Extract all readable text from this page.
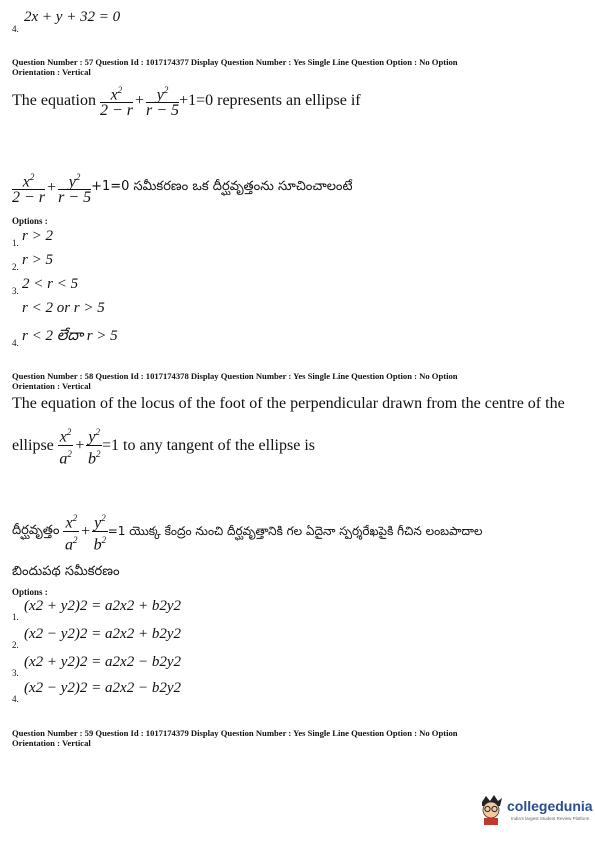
4.
2x + y + 32 = 0
Question Number : 57 Question Id : 1017174377 Display Question Number : Yes Single Line Question Option : No Option
Orientation : Vertical
The equation $\frac{x^2}{2 - r} + \frac{y^2}{r - 5} +1=0$ represents an ellipse if
$\frac{x^2}{2 - r} + \frac{y^2}{r - 5} +1=0$ సమీకరణం ఒక దీర్ఘవృత్తంను సూచించాలంటే
Options :
1. r > 2
2. r > 5
3. 2 < r < 5
r < 2 or r > 5
4. r < 2 లేదా r > 5
Question Number : 58 Question Id : 1017174378 Display Question Number : Yes Single Line Question Option : No Option
Orientation : Vertical
The equation of the locus of the foot of the perpendicular drawn from the centre of the
ellipse $\frac{x^2}{a^2} + \frac{y^2}{b^2} =1$ to any tangent of the ellipse is
దీర్ఘవృత్తం $\frac{x^2}{a^2} + \frac{y^2}{b^2} =1$ యొక్క కేంద్రం నుంచి దీర్ఘవృత్తానికి గల ఏదైనా స్పర్శరేఖపైకి గీచిన లంబపాదాల
బిందుపథ సమీకరణం
Options :
1.
(x2 + y2)2 = a2x2 + b2y2
2.
(x2 − y2)2 = a2x2 + b2y2
3.
(x2 + y2)2 = a2x2 − b2y2
4.
(x2 − y2)2 = a2x2 − b2y2
Question Number : 59 Question Id : 1017174379 Display Question Number : Yes Single Line Question Option : No Option
Orientation : Vertical
collegedunia
India's largest Student Review Platform
